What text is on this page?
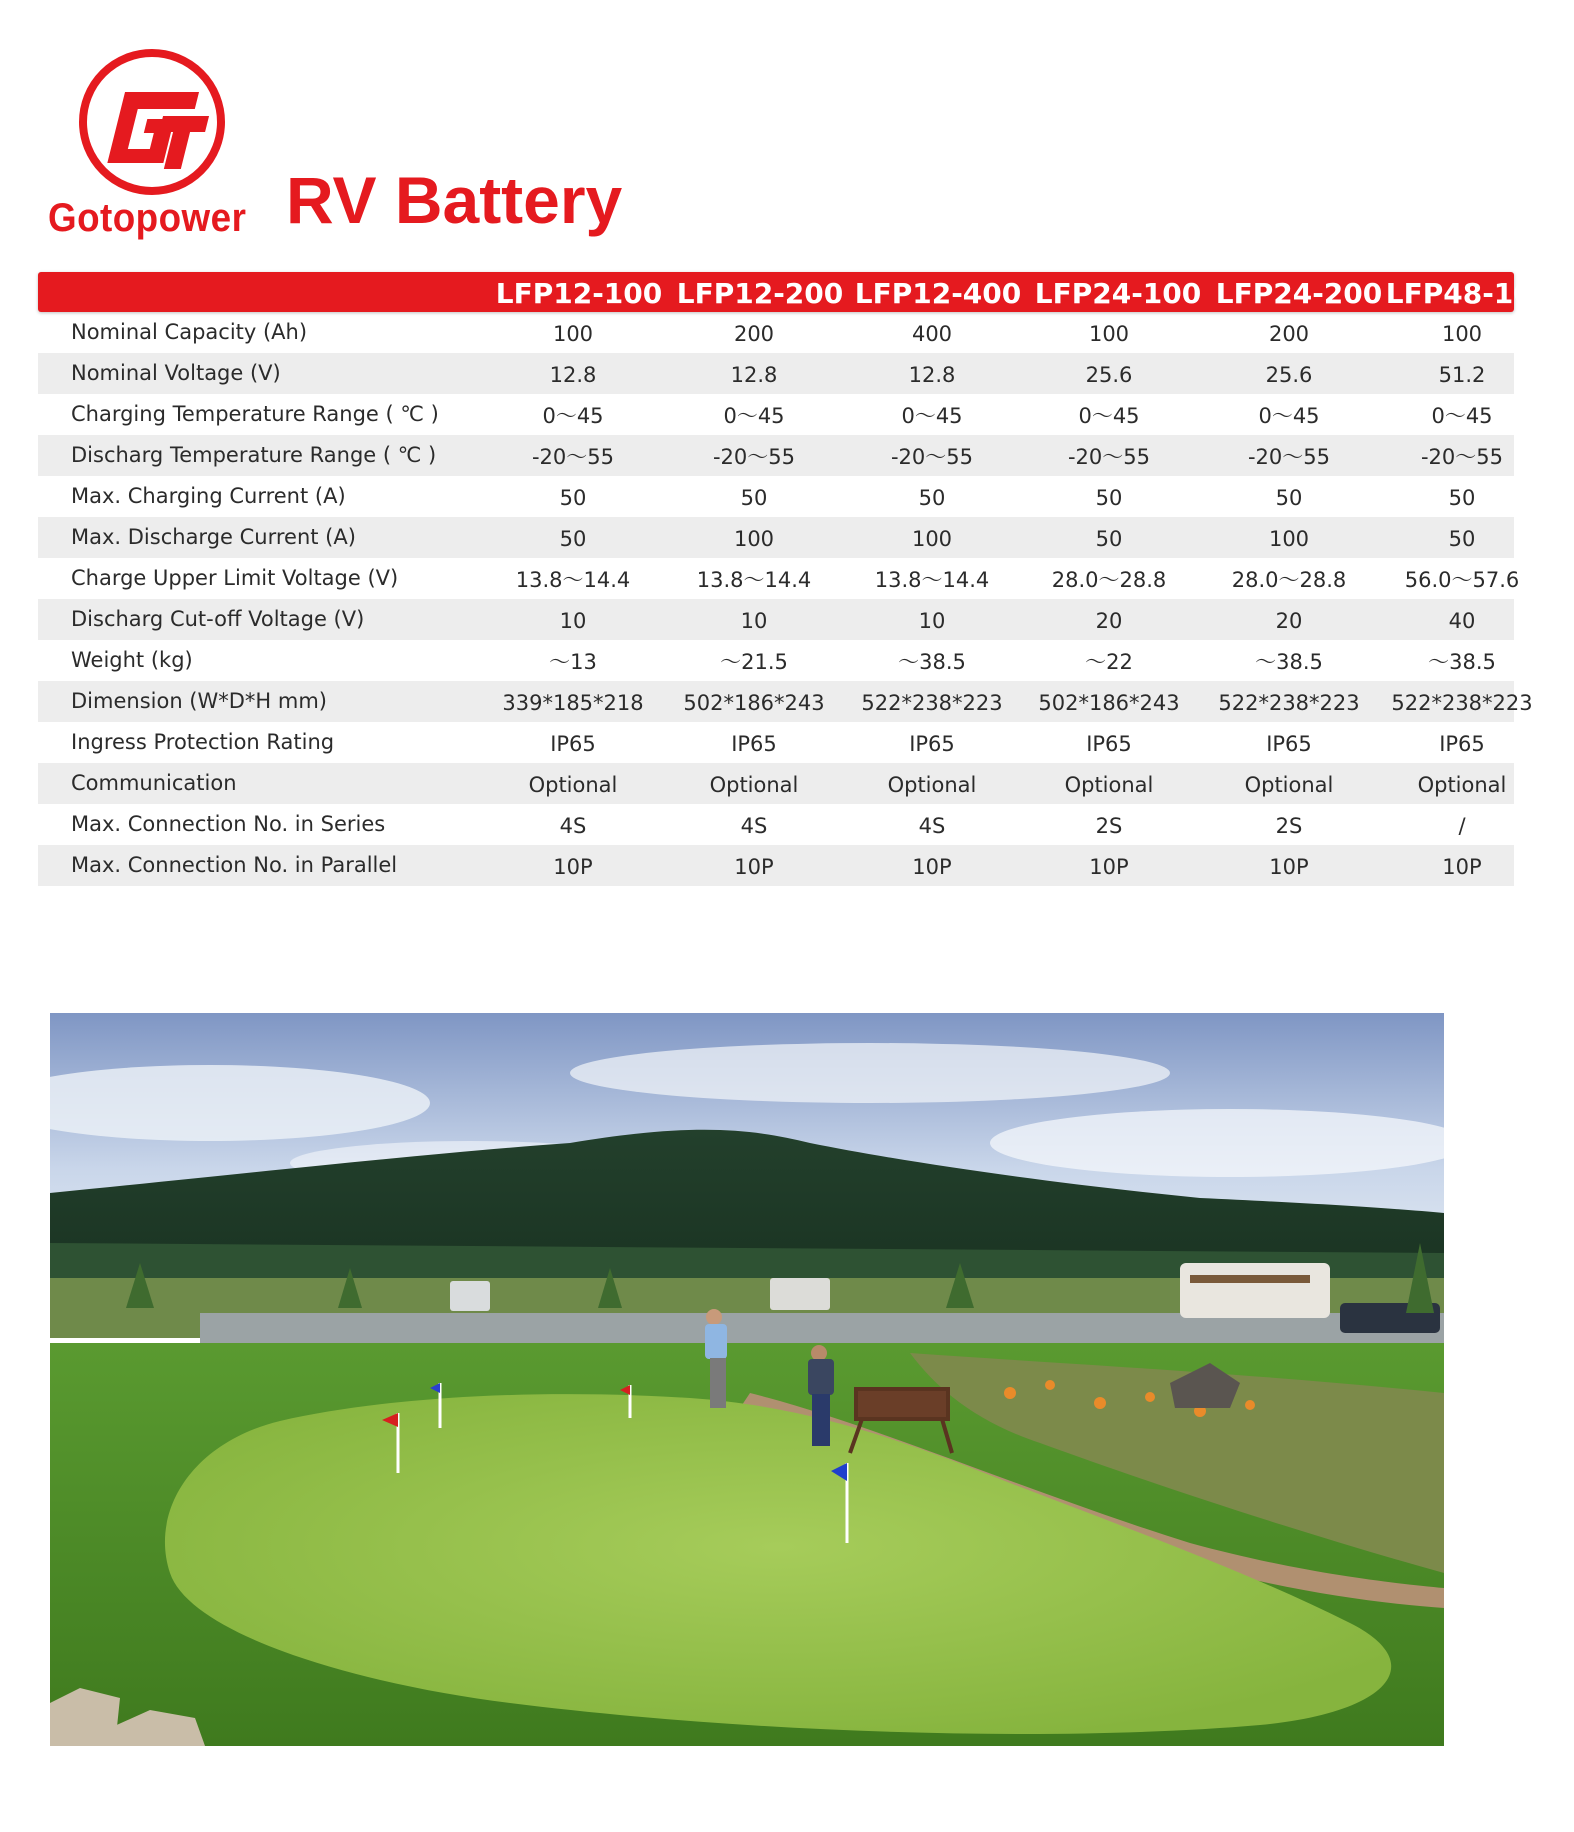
Gotopower RV Battery
LFP12-100 LFP12-200 LFP12-400 LFP24-100 LFP24-200 LFP48-100
Nominal Capacity (Ah)	100	200	400	100	200	100
Nominal Voltage (V)	12.8	12.8	12.8	25.6	25.6	51.2
Charging Temperature Range ( ℃ )	0～45	0～45	0～45	0～45	0～45	0～45
Discharg Temperature Range ( ℃ )	-20～55	-20～55	-20～55	-20～55	-20～55	-20～55
Max. Charging Current (A)	50	50	50	50	50	50
Max. Discharge Current (A)	50	100	100	50	100	50
Charge Upper Limit Voltage (V)	13.8～14.4	13.8～14.4	13.8～14.4	28.0～28.8	28.0～28.8	56.0～57.6
Discharg Cut-off Voltage (V)	10	10	10	20	20	40
Weight (kg)	～13	～21.5	～38.5	～22	～38.5	～38.5
Dimension (W*D*H mm)	339*185*218	502*186*243	522*238*223	502*186*243	522*238*223	522*238*223
Ingress Protection Rating	IP65	IP65	IP65	IP65	IP65	IP65
Communication	Optional	Optional	Optional	Optional	Optional	Optional
Max. Connection No. in Series	4S	4S	4S	2S	2S	/
Max. Connection No. in Parallel	10P	10P	10P	10P	10P	10P
